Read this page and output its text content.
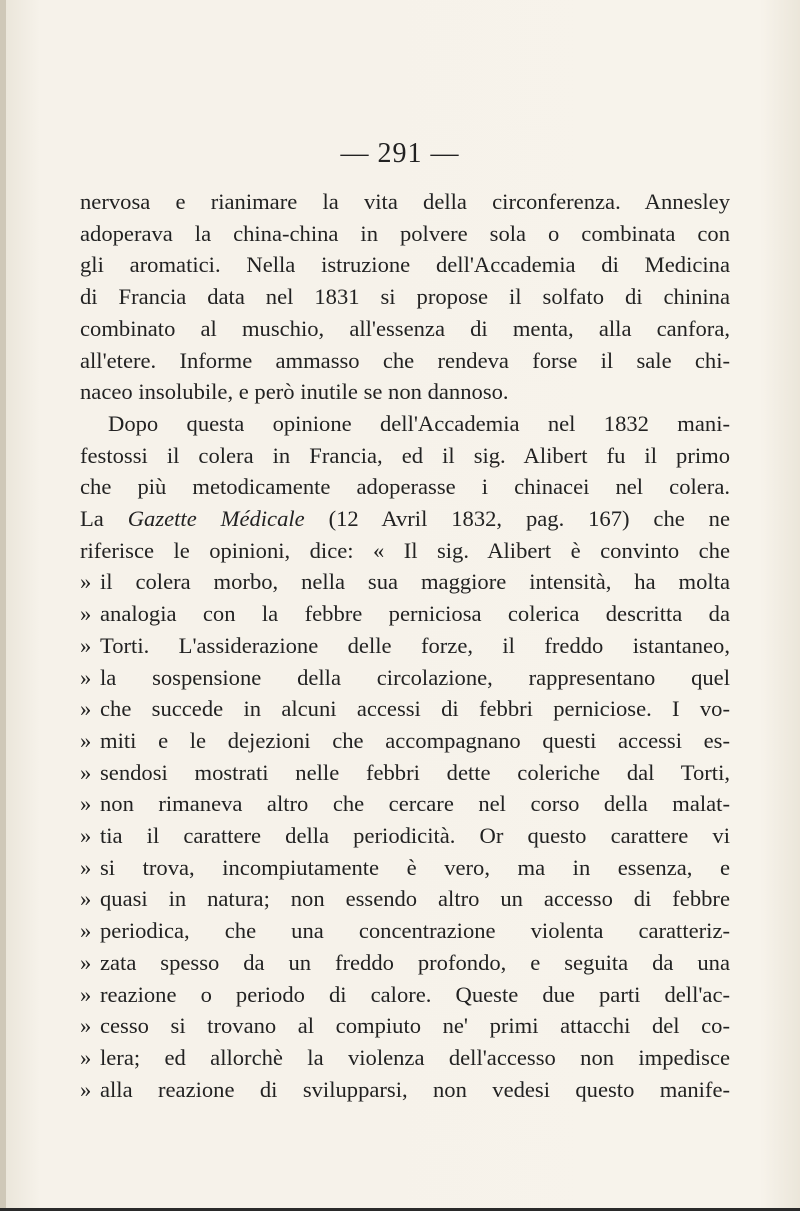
— 291 —
nervosa e rianimare la vita della circonferenza. Annesley
adoperava la china-china in polvere sola o combinata con
gli aromatici. Nella istruzione dell'Accademia di Medicina
di Francia data nel 1831 si propose il solfato di chinina
combinato al muschio, all'essenza di menta, alla canfora,
all'etere. Informe ammasso che rendeva forse il sale chi-
naceo insolubile, e però inutile se non dannoso.
Dopo questa opinione dell'Accademia nel 1832 mani-
festossi il colera in Francia, ed il sig. Alibert fu il primo
che più metodicamente adoperasse i chinacei nel colera.
La Gazette Médicale (12 Avril 1832, pag. 167) che ne
riferisce le opinioni, dice: « Il sig. Alibert è convinto che
» il colera morbo, nella sua maggiore intensità, ha molta
» analogia con la febbre perniciosa colerica descritta da
» Torti. L'assiderazione delle forze, il freddo istantaneo,
» la sospensione della circolazione, rappresentano quel
» che succede in alcuni accessi di febbri perniciose. I vo-
» miti e le dejezioni che accompagnano questi accessi es-
» sendosi mostrati nelle febbri dette coleriche dal Torti,
» non rimaneva altro che cercare nel corso della malat-
» tia il carattere della periodicità. Or questo carattere vi
» si trova, incompiutamente è vero, ma in essenza, e
» quasi in natura; non essendo altro un accesso di febbre
» periodica, che una concentrazione violenta caratteriz-
» zata spesso da un freddo profondo, e seguita da una
» reazione o periodo di calore. Queste due parti dell'ac-
» cesso si trovano al compiuto ne' primi attacchi del co-
» lera; ed allorchè la violenza dell'accesso non impedisce
» alla reazione di svilupparsi, non vedesi questo manife-
